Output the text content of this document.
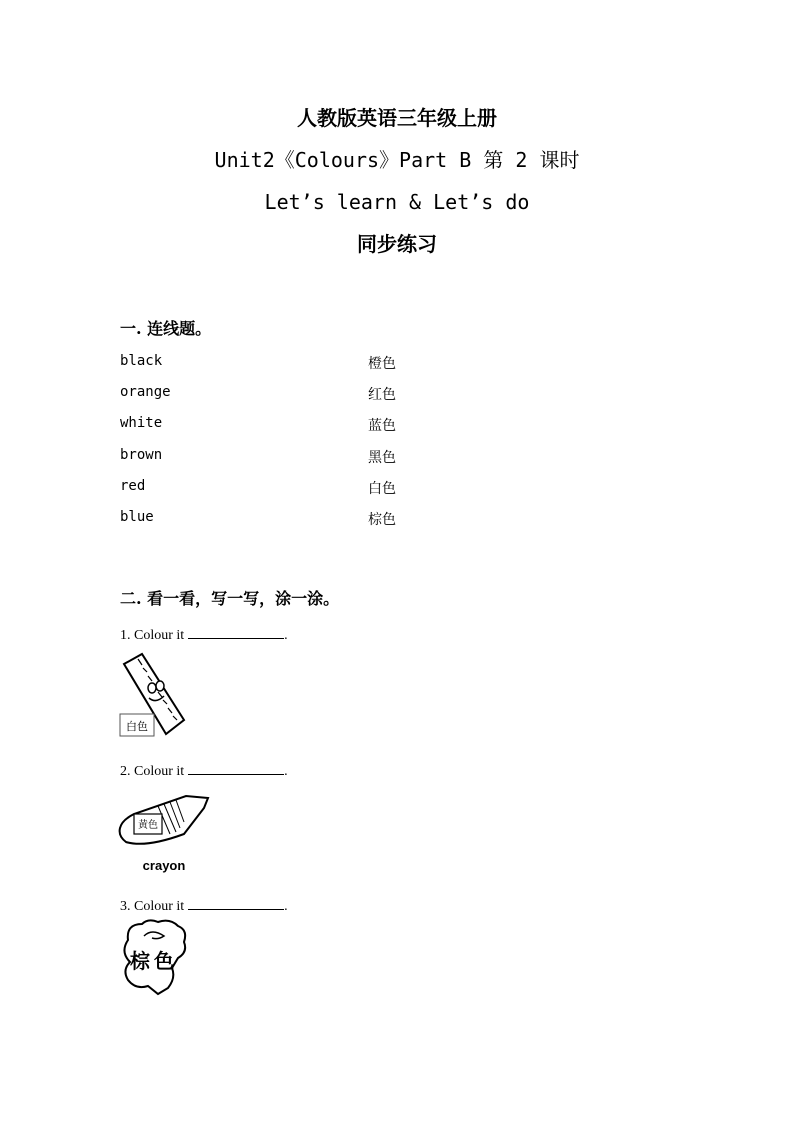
人教版英语三年级上册
Unit2《Colours》Part B 第 2 课时
Let’s learn & Let’s do
同步练习
一. 连线题。
black	橙色
orange	红色
white	蓝色
brown	黑色
red	白色
blue	棕色
二. 看一看，写一写，涂一涂。
1. Colour it	.
白色
2. Colour it	.
黄色
crayon
3. Colour it	.
棕色
